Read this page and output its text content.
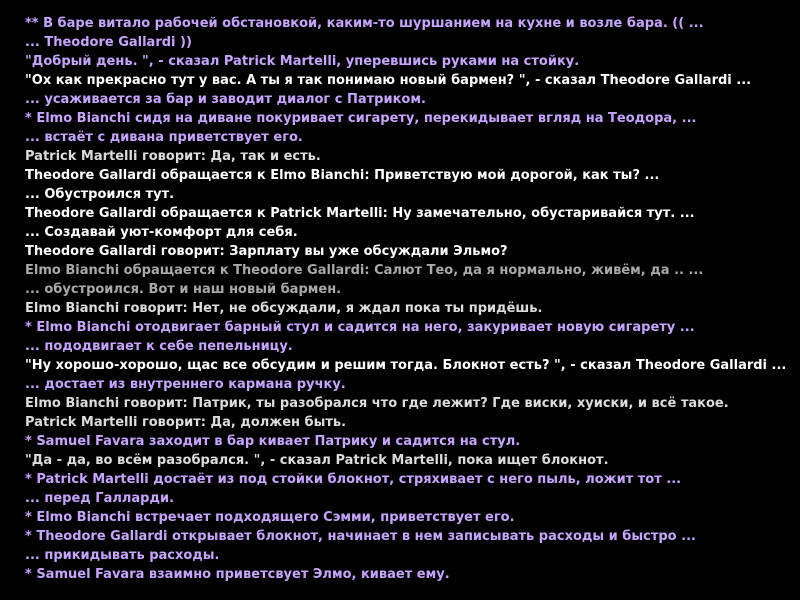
** В баре витало рабочей обстановкой, каким-то шуршанием на кухне и возле бара. (( ...
... Theodore Gallardi ))
"Добрый день. ", - сказал Patrick Martelli, уперевшись руками на стойку.
"Ох как прекрасно тут у вас. А ты я так понимаю новый бармен? ", - сказал Theodore Gallardi ...
... усаживается за бар и заводит диалог с Патриком.
* Elmo Bianchi сидя на диване покуривает сигарету, перекидывает вгляд на Теодора, ...
... встаёт с дивана приветствует его.
Patrick Martelli говорит: Да, так и есть.
Theodore Gallardi обращается к Elmo Bianchi: Приветствую мой дорогой, как ты? ...
... Обустроился тут.
Theodore Gallardi обращается к Patrick Martelli: Ну замечательно, обустаривайся тут. ...
... Создавай уют-комфорт для себя.
Theodore Gallardi говорит: Зарплату вы уже обсуждали Эльмо?
Elmo Bianchi обращается к Theodore Gallardi: Салют Тео, да я нормально, живём, да .. ...
... обустроился. Вот и наш новый бармен.
Elmo Bianchi говорит: Нет, не обсуждали, я ждал пока ты придёшь.
* Elmo Bianchi отодвигает барный стул и садится на него, закуривает новую сигарету ...
... пододвигает к себе пепельницу.
"Ну хорошо-хорошо, щас все обсудим и решим тогда. Блокнот есть? ", - сказал Theodore Gallardi ...
... достает из внутреннего кармана ручку.
Elmo Bianchi говорит: Патрик, ты разобрался что где лежит? Где виски, хуиски, и всё такое.
Patrick Martelli говорит: Да, должен быть.
* Samuel Favara заходит в бар кивает Патрику и садится на стул.
"Да - да, во всём разобрался. ", - сказал Patrick Martelli, пока ищет блокнот.
* Patrick Martelli достаёт из под стойки блокнот, стряхивает с него пыль, ложит тот ...
... перед Галларди.
* Elmo Bianchi встречает подходящего Сэмми, приветствует его.
* Theodore Gallardi открывает блокнот, начинает в нем записывать расходы и быстро ...
... прикидывать расходы.
* Samuel Favara взаимно приветсвует Элмо, кивает ему.
